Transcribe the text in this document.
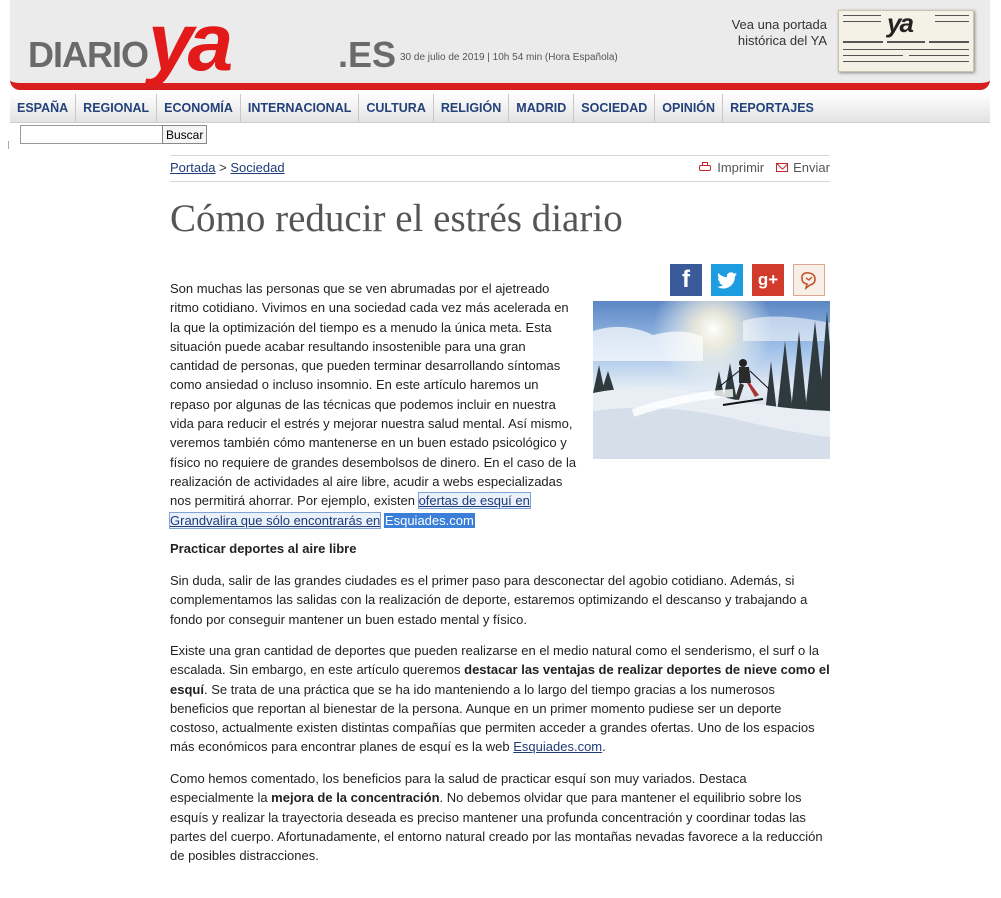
DIARIO ya	.ES 30 de julio de 2019 | 10h 54 min (Hora Española)
Vea una portada
histórica del YA
ya
ESPAÑA	REGIONAL	ECONOMÍA	INTERNACIONAL	CULTURA	RELIGIÓN	MADRID	SOCIEDAD	OPINIÓN	REPORTAJES
Buscar
Portada > Sociedad	Imprimir Enviar
Cómo reducir el estrés diario
f	g+

Son muchas las personas que se ven abrumadas por el ajetreado ritmo cotidiano. Vivimos en una sociedad cada vez más acelerada en la que la optimización del tiempo es a menudo la única meta. Esta situación puede acabar resultando insostenible para una gran cantidad de personas, que pueden terminar desarrollando síntomas como ansiedad o incluso insomnio. En este artículo haremos un repaso por algunas de las técnicas que podemos incluir en nuestra vida para reducir el estrés y mejorar nuestra salud mental. Así mismo, veremos también cómo mantenerse en un buen estado psicológico y físico no requiere de grandes desembolsos de dinero. En el caso de la realización de actividades al aire libre, acudir a webs especializadas nos permitirá ahorrar. Por ejemplo, existen ofertas de esquí en Grandvalira que sólo encontrarás en Esquiades.com

Practicar deportes al aire libre

Sin duda, salir de las grandes ciudades es el primer paso para desconectar del agobio cotidiano. Además, si complementamos las salidas con la realización de deporte, estaremos optimizando el descanso y trabajando a fondo por conseguir mantener un buen estado mental y físico.

Existe una gran cantidad de deportes que pueden realizarse en el medio natural como el senderismo, el surf o la escalada. Sin embargo, en este artículo queremos destacar las ventajas de realizar deportes de nieve como el esquí. Se trata de una práctica que se ha ido manteniendo a lo largo del tiempo gracias a los numerosos beneficios que reportan al bienestar de la persona. Aunque en un primer momento pudiese ser un deporte costoso, actualmente existen distintas compañías que permiten acceder a grandes ofertas. Uno de los espacios más económicos para encontrar planes de esquí es la web Esquiades.com.

Como hemos comentado, los beneficios para la salud de practicar esquí son muy variados. Destaca especialmente la mejora de la concentración. No debemos olvidar que para mantener el equilibrio sobre los esquís y realizar la trayectoria deseada es preciso mantener una profunda concentración y coordinar todas las partes del cuerpo. Afortunadamente, el entorno natural creado por las montañas nevadas favorece a la reducción de posibles distracciones.
